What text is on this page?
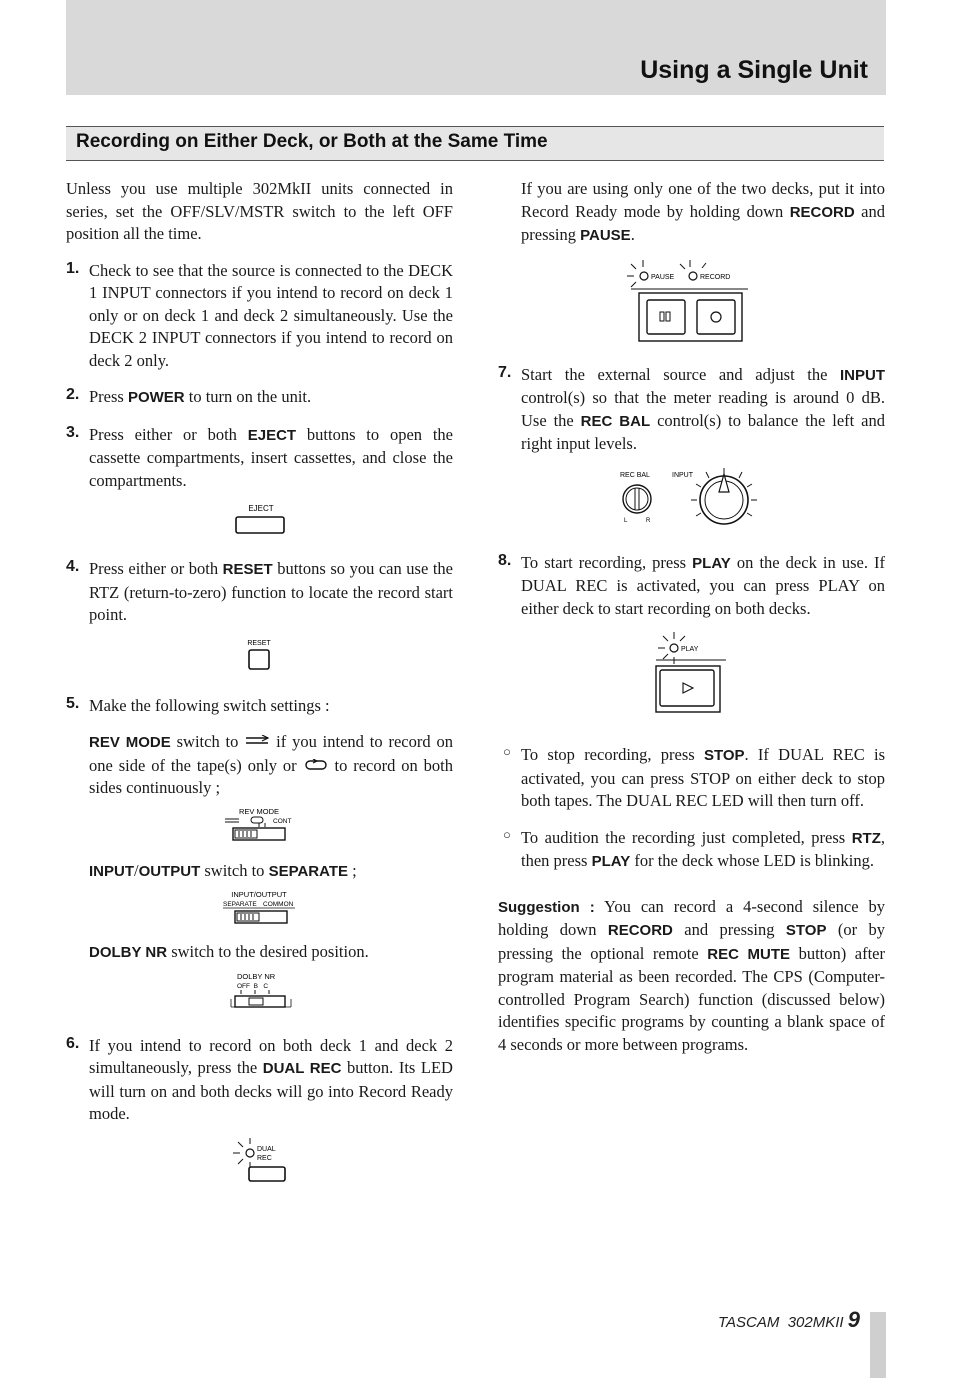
Using a Single Unit
Recording on Either Deck, or Both at the Same Time

Unless you use multiple 302MkII units connected in series, set the OFF/SLV/MSTR switch to the left OFF position all the time.

1. Check to see that the source is connected to the DECK 1 INPUT connectors if you intend to record on deck 1 only or on deck 1 and deck 2 simultaneously. Use the DECK 2 INPUT connectors if you intend to record on deck 2 only.

2. Press POWER to turn on the unit.

3. Press either or both EJECT buttons to open the cassette compartments, insert cassettes, and close the compartments.

EJECT
4. Press either or both RESET buttons so you can use the RTZ (return-to-zero) function to locate the record start point.

RESET
5. Make the following switch settings :

REV MODE switch to  if you intend to record on one side of the tape(s) only or  to record on both sides continuously ;

REV MODE
CONT

INPUT/OUTPUT switch to SEPARATE ;

INPUT/OUTPUT
SEPARATE COMMON

DOLBY NR switch to the desired position.

DOLBY NR
OFF  B   C
6. If you intend to record on both deck 1 and deck 2 simultaneously, press the DUAL REC button. Its LED will turn on and both decks will go into Record Ready mode.

DUAL
REC

If you are using only one of the two decks, put it into Record Ready mode by holding down RECORD and pressing PAUSE.

PAUSE	RECORD
7. Start the external source and adjust the INPUT control(s) so that the meter reading is around 0 dB. Use the REC BAL control(s) to balance the left and right input levels.

REC BAL
L	R
INPUT
8. To start recording, press PLAY on the deck in use. If DUAL REC is activated, you can press PLAY on either deck to start recording on both decks.

PLAY
○ To stop recording, press STOP. If DUAL REC is activated, you can press STOP on either deck to stop both tapes. The DUAL REC LED will then turn off.

○ To audition the recording just completed, press RTZ, then press PLAY for the deck whose LED is blinking.

Suggestion : You can record a 4-second silence by holding down RECORD and pressing STOP (or by pressing the optional remote REC MUTE button) after program material as been recorded. The CPS (Computer-controlled Program Search) function (discussed below) identifies specific programs by counting a blank space of 4 seconds or more between programs.

TASCAM  302MKII 9
